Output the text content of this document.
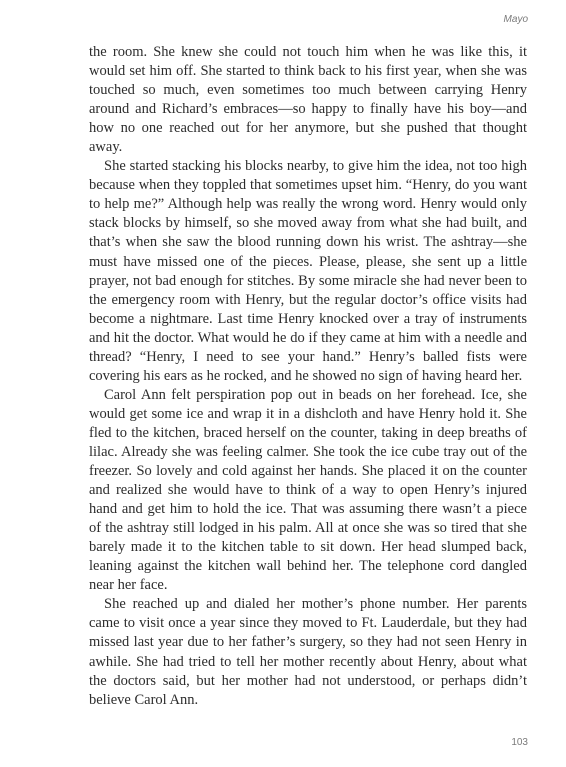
Mayo

the room. She knew she could not touch him when he was like this, it would set him off. She started to think back to his first year, when she was touched so much, even sometimes too much between carrying Henry around and Richard’s embraces—so happy to finally have his boy—and how no one reached out for her anymore, but she pushed that thought away.

She started stacking his blocks nearby, to give him the idea, not too high because when they toppled that sometimes upset him. “Henry, do you want to help me?” Although help was really the wrong word. Henry would only stack blocks by himself, so she moved away from what she had built, and that’s when she saw the blood running down his wrist. The ashtray—she must have missed one of the pieces. Please, please, she sent up a little prayer, not bad enough for stitches. By some miracle she had never been to the emergency room with Henry, but the regular doctor’s office visits had become a nightmare. Last time Henry knocked over a tray of instruments and hit the doctor. What would he do if they came at him with a needle and thread? “Henry, I need to see your hand.” Henry’s balled fists were covering his ears as he rocked, and he showed no sign of having heard her.

Carol Ann felt perspiration pop out in beads on her forehead. Ice, she would get some ice and wrap it in a dishcloth and have Henry hold it. She fled to the kitchen, braced herself on the counter, taking in deep breaths of lilac. Already she was feeling calmer. She took the ice cube tray out of the freezer. So lovely and cold against her hands. She placed it on the counter and realized she would have to think of a way to open Henry’s injured hand and get him to hold the ice. That was assuming there wasn’t a piece of the ashtray still lodged in his palm. All at once she was so tired that she barely made it to the kitchen table to sit down. Her head slumped back, leaning against the kitchen wall behind her. The telephone cord dangled near her face.

She reached up and dialed her mother’s phone number. Her parents came to visit once a year since they moved to Ft. Lauderdale, but they had missed last year due to her father’s surgery, so they had not seen Henry in awhile. She had tried to tell her mother recently about Henry, about what the doctors said, but her mother had not understood, or perhaps didn’t believe Carol Ann.

103
